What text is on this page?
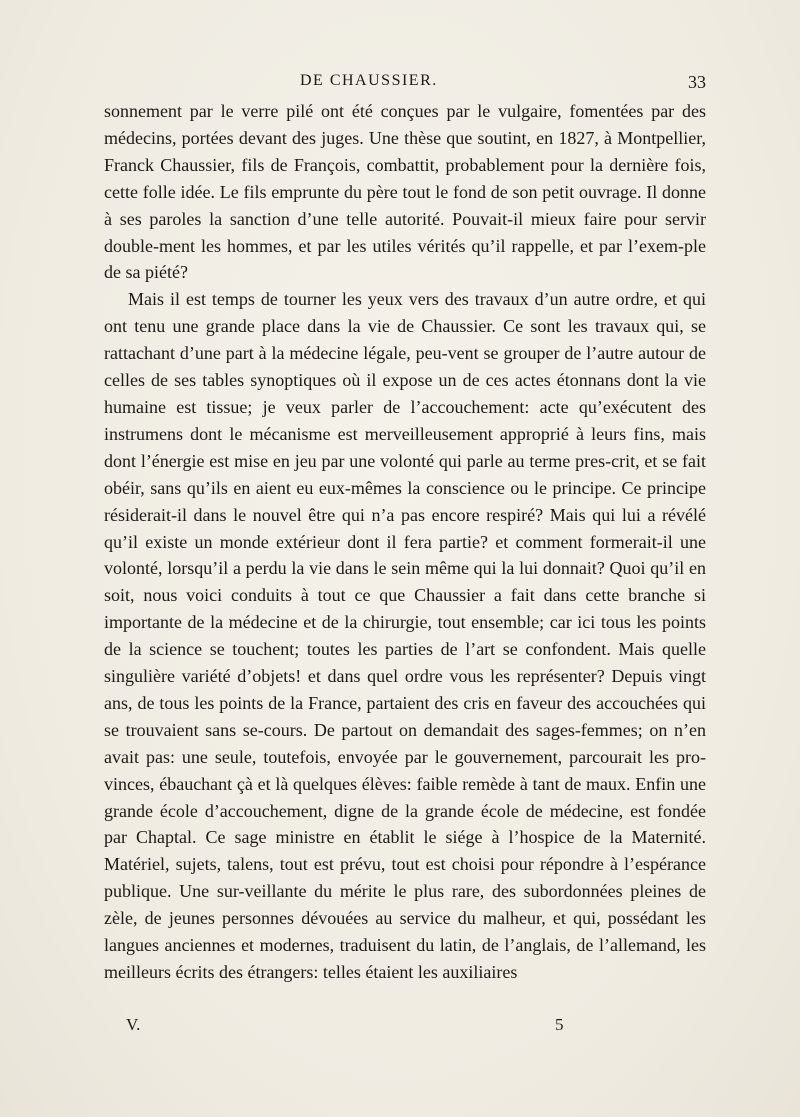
DE CHAUSSIER.	33

sonnement par le verre pilé ont été conçues par le vulgaire, fomentées par des médecins, portées devant des juges. Une thèse que soutint, en 1827, à Montpellier, Franck Chaussier, fils de François, combattit, probablement pour la dernière fois, cette folle idée. Le fils emprunte du père tout le fond de son petit ouvrage. Il donne à ses paroles la sanction d’une telle autorité. Pouvait-il mieux faire pour servir double-ment les hommes, et par les utiles vérités qu’il rappelle, et par l’exem-ple de sa piété?

Mais il est temps de tourner les yeux vers des travaux d’un autre ordre, et qui ont tenu une grande place dans la vie de Chaussier. Ce sont les travaux qui, se rattachant d’une part à la médecine légale, peu-vent se grouper de l’autre autour de celles de ses tables synoptiques où il expose un de ces actes étonnans dont la vie humaine est tissue; je veux parler de l’accouchement: acte qu’exécutent des instrumens dont le mécanisme est merveilleusement approprié à leurs fins, mais dont l’énergie est mise en jeu par une volonté qui parle au terme pres-crit, et se fait obéir, sans qu’ils en aient eu eux-mêmes la conscience ou le principe. Ce principe résiderait-il dans le nouvel être qui n’a pas encore respiré? Mais qui lui a révélé qu’il existe un monde extérieur dont il fera partie? et comment formerait-il une volonté, lorsqu’il a perdu la vie dans le sein même qui la lui donnait? Quoi qu’il en soit, nous voici conduits à tout ce que Chaussier a fait dans cette branche si importante de la médecine et de la chirurgie, tout ensemble; car ici tous les points de la science se touchent; toutes les parties de l’art se confondent. Mais quelle singulière variété d’objets! et dans quel ordre vous les représenter? Depuis vingt ans, de tous les points de la France, partaient des cris en faveur des accouchées qui se trouvaient sans se-cours. De partout on demandait des sages-femmes; on n’en avait pas: une seule, toutefois, envoyée par le gouvernement, parcourait les pro-vinces, ébauchant çà et là quelques élèves: faible remède à tant de maux. Enfin une grande école d’accouchement, digne de la grande école de médecine, est fondée par Chaptal. Ce sage ministre en établit le siége à l’hospice de la Maternité. Matériel, sujets, talens, tout est prévu, tout est choisi pour répondre à l’espérance publique. Une sur-veillante du mérite le plus rare, des subordonnées pleines de zèle, de jeunes personnes dévouées au service du malheur, et qui, possédant les langues anciennes et modernes, traduisent du latin, de l’anglais, de l’allemand, les meilleurs écrits des étrangers: telles étaient les auxiliaires

V.	5
